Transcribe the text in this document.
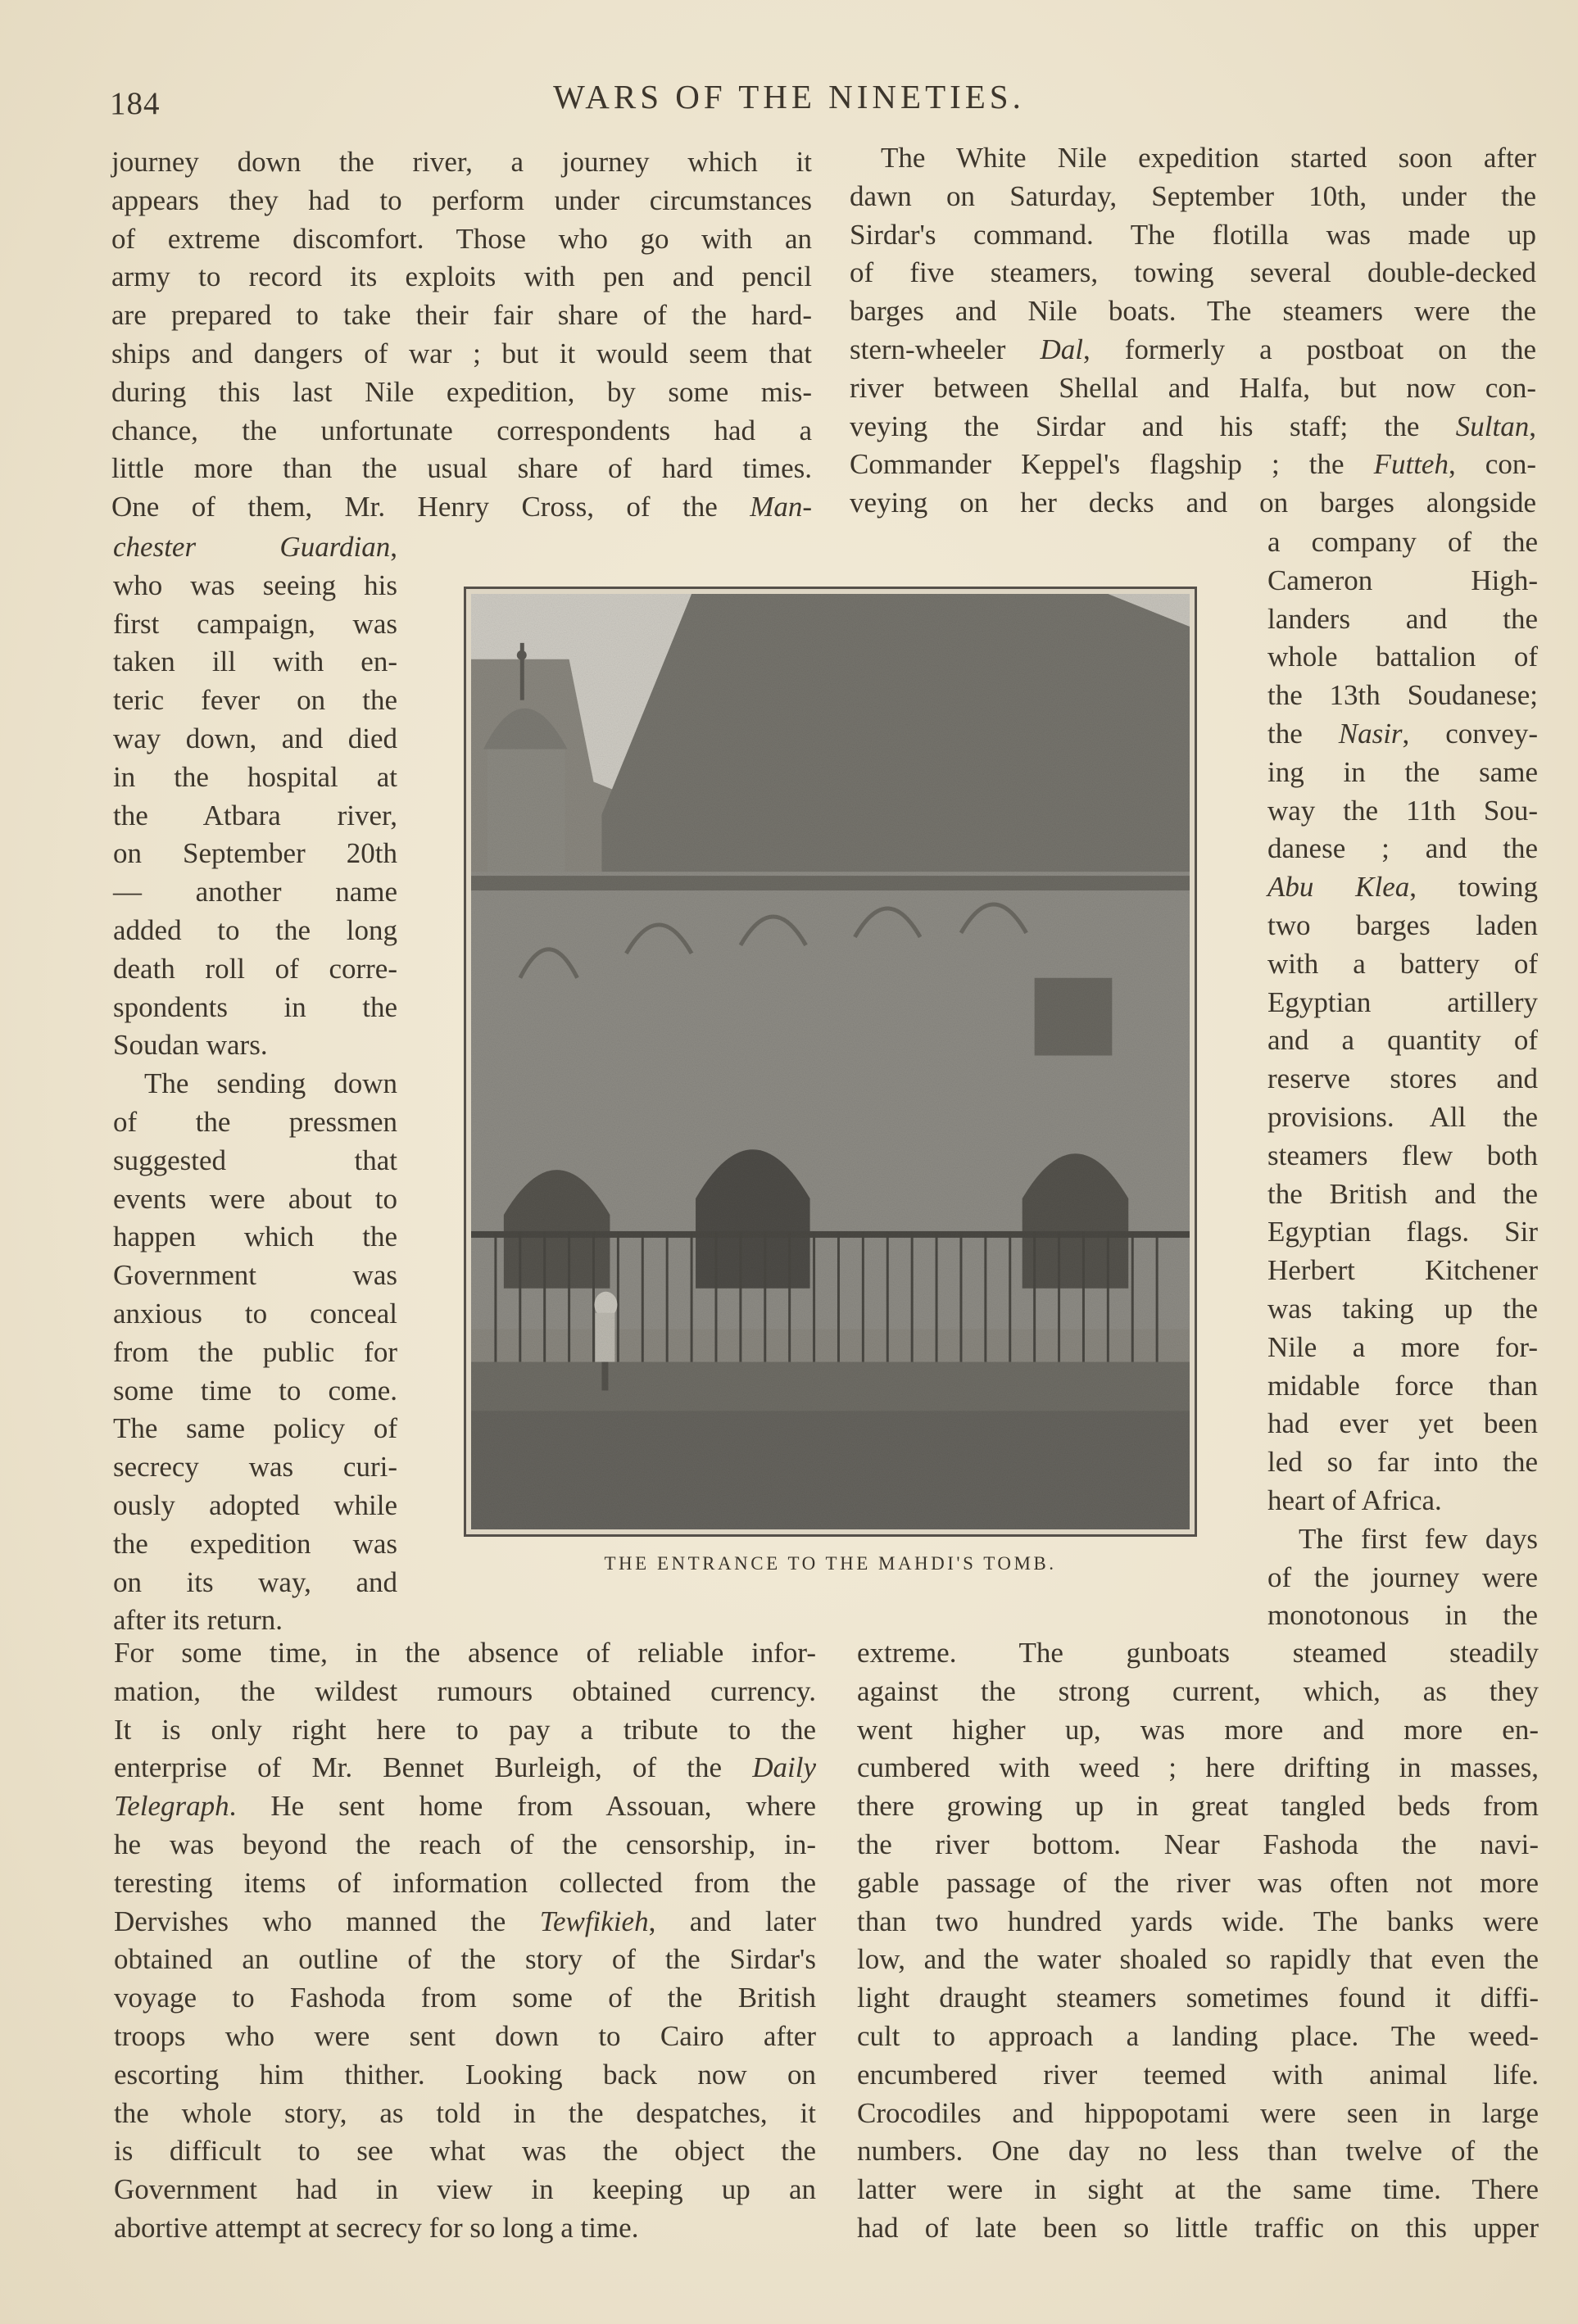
184	WARS OF THE NINETIES.

journey down the river, a journey which it

appears they had to perform under circumstances

of extreme discomfort. Those who go with an

army to record its exploits with pen and pencil

are prepared to take their fair share of the hard-

ships and dangers of war ; but it would seem that

during this last Nile expedition, by some mis-

chance, the unfortunate correspondents had a

little more than the usual share of hard times.

One of them, Mr. Henry Cross, of the Man-

chester Guardian,

who was seeing his

first campaign, was

taken ill with en-

teric fever on the

way down, and died

in the hospital at

the Atbara river,

on September 20th

— another name

added to the long

death roll of corre-

spondents in the

Soudan wars.

The sending down

of the pressmen

suggested that

events were about to

happen which the

Government was

anxious to conceal

from the public for

some time to come.

The same policy of

secrecy was curi-

ously adopted while

the expedition was

on its way, and

after its return.

For some time, in the absence of reliable infor-

mation, the wildest rumours obtained currency.

It is only right here to pay a tribute to the

enterprise of Mr. Bennet Burleigh, of the Daily

Telegraph. He sent home from Assouan, where

he was beyond the reach of the censorship, in-

teresting items of information collected from the

Dervishes who manned the Tewfikieh, and later

obtained an outline of the story of the Sirdar's

voyage to Fashoda from some of the British

troops who were sent down to Cairo after

escorting him thither. Looking back now on

the whole story, as told in the despatches, it

is difficult to see what was the object the

Government had in view in keeping up an

abortive attempt at secrecy for so long a time.

The White Nile expedition started soon after

dawn on Saturday, September 10th, under the

Sirdar's command. The flotilla was made up

of five steamers, towing several double-decked

barges and Nile boats. The steamers were the

stern-wheeler Dal, formerly a postboat on the

river between Shellal and Halfa, but now con-

veying the Sirdar and his staff; the Sultan,

Commander Keppel's flagship ; the Futteh, con-

veying on her decks and on barges alongside

a company of the

Cameron High-

landers and the

whole battalion of

the 13th Soudanese;

the Nasir, convey-

ing in the same

way the 11th Sou-

danese ; and the

Abu Klea, towing

two barges laden

with a battery of

Egyptian artillery

and a quantity of

reserve stores and

provisions. All the

steamers flew both

the British and the

Egyptian flags. Sir

Herbert Kitchener

was taking up the

Nile a more for-

midable force than

had ever yet been

led so far into the

heart of Africa.

The first few days

of the journey were

monotonous in the

extreme. The gunboats steamed steadily

against the strong current, which, as they

went higher up, was more and more en-

cumbered with weed ; here drifting in masses,

there growing up in great tangled beds from

the river bottom. Near Fashoda the navi-

gable passage of the river was often not more

than two hundred yards wide. The banks were

low, and the water shoaled so rapidly that even the

light draught steamers sometimes found it diffi-

cult to approach a landing place. The weed-

encumbered river teemed with animal life.

Crocodiles and hippopotami were seen in large

numbers. One day no less than twelve of the

latter were in sight at the same time. There

had of late been so little traffic on this upper

THE ENTRANCE TO THE MAHDI'S TOMB.
